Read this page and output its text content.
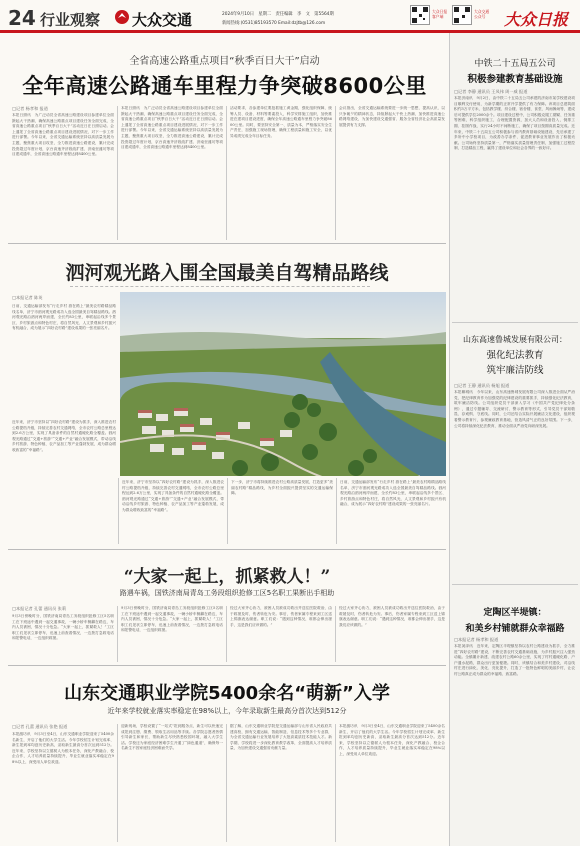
24 行业观察 大众交通	2024年9月10日　星期二　责任编辑　李　文　第5564期
新闻热线:(0531)85193570 Email:dzjtb@126.com
大众日报
客户端
大众交通
公众号 大众日报
中铁二十五局五公司
积极参建教育基础设施
□记者 李静 通讯员 王凤伟 周一威 报道
本报济南讯　9月2日，由中铁二十五局五公司承建的济南市某学校建设项目顺利交付使用，为新学期的正常开学提供了有力保障。该项目总建筑面积约3万平方米，包括教学楼、综合楼、宿舍楼、食堂、风雨操场等，建成后可提供学位2000余个。项目建设过程中，公司积极克服工期紧、任务重等困难，科学组织施工，合理配置资源，加大人员和设备投入，倒排工期、挂图作战，实行24小时不间断施工，确保了项目按期高质量完成。近年来，中铁二十五局五公司积极参与省内教育基础设施建设，先后承建了多所中小学校项目，为改善办学条件、促进教育事业发展作出了积极贡献。公司始终坚持质量第一，严格落实质量管理责任制，加强施工过程控制，打造精品工程，赢得了建设单位和社会各界的一致好评。
山东高速鲁城发展有限公司：
强化纪法教育
筑牢廉洁防线
□记者 王静 通讯员 杨旭 报道
本报聊城讯　今年以来，山东高速鲁城发展有限公司深入推进全面从严治党，把纪律教育作为加强党的纪律建设的重要抓手，持续强化纪法教育，筑牢廉洁防线。公司组织党员干部深入学习《中国共产党纪律处分条例》，通过专题辅导、交流研讨、警示教育等形式，引导党员干部知敬畏、存戒惧、守底线。同时，公司还结合实际开展廉洁文化建设，组织观看警示教育片，参观廉政教育基地，营造风清气正的良好氛围。下一步，公司将持续深化纪法教育，推动全面从严治党向纵深发展。
定陶区半堤镇：
和美乡村铺就群众幸福路
□本报记者 杨孝和 报道
本报菏泽讯　近年来，定陶区半堤镇坚持以农村公路建设为抓手，全力推进“四好农村路”建设，不断完善农村交通基础设施，为乡村振兴注入强劲动能。全镇累计新建、改建农村公路60余公里，实现了村村通硬化路、户户通水泥路，群众出行更加便捷。同时，该镇结合和美乡村建设，对沿线村庄进行绿化、美化、亮化提升，打造了一批特色鲜明的美丽乡村，让农村公路真正成为群众的幸福路、致富路。
全省高速公路重点项目“秋季百日大干”启动
全年高速公路通车里程力争突破8600公里
□记者 杨孝和 报道
本报日照讯　为广泛动员全省高速公路建设项目参建单位全面掀起大干热潮，确保高速公路重点项目建设任务全面完成，全省高速公路重点项目“秋季百日大干”活动近日在日照启动。会上通报了全省高速公路重点项目建设进展情况，对下一步工作进行部署。今年以来，全省交通运输系统坚持以高质量发展为主题，聚焦重大项目攻坚，全力推进高速公路建设，累计完成投资超过年度计划，京台高速齐济段改扩建、济南至潍坊等项目建成通车，全省高速公路通车里程达到8400公里。
本报日照讯　为广泛动员全省高速公路建设项目参建单位全面掀起大干热潮，确保高速公路重点项目建设任务全面完成，全省高速公路重点项目“秋季百日大干”活动近日在日照启动。会上通报了全省高速公路重点项目建设进展情况，对下一步工作进行部署。今年以来，全省交通运输系统坚持以高质量发展为主题，聚焦重大项目攻坚，全力推进高速公路建设，累计完成投资超过年度计划，京台高速齐济段改扩建、济南至潍坊等项目建成通车，全省高速公路通车里程达到8400公里。
活动要求，各参建单位要抢抓施工黄金期，强化组织保障，统筹人员、设备、材料等要素投入，科学安排施工组织，加快推进在建项目建设进度，确保全年高速公路通车里程力争突破8600公里。同时，要坚持安全第一、质量为本，严格落实安全生产责任，加强施工现场管理，确保工程质量和施工安全，以优异成绩完成全年目标任务。
会议指出，全省交通运输系统要进一步统一思想、提高认识，以只争朝夕的精神状态，持续掀起大干快上热潮，加快推进高速公路网络建设，为加快建设交通强省、服务全省经济社会高质量发展提供有力支撑。
泗河观光路入围全国最美自驾精品路线
□本报记者 陈英
日前，交通运输部发布“行走乡村 游在路上”最美农村路精品路线名单，济宁市泗河观光路成功入选全国最美自驾精品路线。泗河观光路沿泗河两岸而建，全长约83公里，串联起沿线多个景区、乡村旅游点和特色村庄，将自然风光、人文景观和乡村振兴有机融合，成为展示“四好农村路”建设成果的一张亮丽名片。
近年来，济宁市坚持以“四好农村路”建设为抓手，深入推进农村公路提档升级，持续完善农村交通网络，全市农村公路总里程达到2.6万公里，实现了具备条件的自然村通硬化路全覆盖。泗河观光路通过“交通+旅游”“交通+产业”融合发展模式，带动沿线乡村旅游、特色种植、农产品加工等产业蓬勃发展，成为群众增收致富的“幸福路”。
近年来，济宁市坚持以“四好农村路”建设为抓手，深入推进农村公路提档升级，持续完善农村交通网络，全市农村公路总里程达到2.6万公里，实现了具备条件的自然村通硬化路全覆盖。泗河观光路通过“交通+旅游”“交通+产业”融合发展模式，带动沿线乡村旅游、特色种植、农产品加工等产业蓬勃发展，成为群众增收致富的“幸福路”。
下一步，济宁市将持续推进农村公路高质量发展，打造更多“美丽农村路”精品路线，为乡村全面振兴提供坚实的交通运输保障。
日前，交通运输部发布“行走乡村 游在路上”最美农村路精品路线名单，济宁市泗河观光路成功入选全国最美自驾精品路线。泗河观光路沿泗河两岸而建，全长约83公里，串联起沿线多个景区、乡村旅游点和特色村庄，将自然风光、人文景观和乡村振兴有机融合，成为展示“四好农村路”建设成果的一张亮丽名片。
“大家一起上，抓紧救人！”
路遇车祸，国铁济南局青岛工务段组织抢修工区5名职工果断出手相助
□本报记者 孔蕾 通讯员 张莉
9月3日傍晚时分，国铁济南局青岛工务段组织抢修工区5名职工在下班途中遇到一起交通事故，一辆小轿车侧翻在路边，车内人员被困，情况十分危急。“大家一起上，抓紧救人！”工区职工们见状立即停车，迅速上前查看情况，一边拨打急救电话和报警电话，一边组织救援。
9月3日傍晚时分，国铁济南局青岛工务段组织抢修工区5名职工在下班途中遇到一起交通事故，一辆小轿车侧翻在路边，车内人员被困，情况十分危急。“大家一起上，抓紧救人！”工区职工们见状立即停车，迅速上前查看情况，一边拨打急救电话和报警电话，一边组织救援。
经过大家齐心协力，被困人员被成功救出并送往医院救治，由于救援及时，伤者转危为安。事后，伤者家属专程来到工区送上锦旗表达谢意。职工们说：“遇到这种情况，谁都会伸出援手，这是我们应该做的。”
经过大家齐心协力，被困人员被成功救出并送往医院救治，由于救援及时，伤者转危为安。事后，伤者家属专程来到工区送上锦旗表达谢意。职工们说：“遇到这种情况，谁都会伸出援手，这是我们应该做的。”
山东交通职业学院5400余名“萌新”入学
近年来学校就业落实率稳定在98%以上，今年录取新生最高分首次达到512分
□记者 孔蕾 通讯员 张艳 报道
本报潍坊讯　9月3日至4日，山东交通职业学院迎来了5400余名新生，开启了他们的大学生活。今年学校招生计划完成率、新生报到率均创历史新高，录取新生最高分首次达到512分。近年来，学校坚持以立德树人为根本任务，深化产教融合、校企合作，人才培养质量持续提升，毕业生就业落实率稳定在98%以上，深受用人单位欢迎。
迎新现场，学校设置了“一站式”报到服务点，新生可以快速完成报到注册、缴费、领取生活用品等手续。各学院志愿者热情引导新生和家长，帮助新生尽快熟悉校园环境，融入大学生活。学校还为家庭经济困难学生开通了“绿色通道”，确保每一名新生不因家庭经济困难而失学。
据了解，山东交通职业学院是交通运输部与山东省人民政府共建高校，拥有交通运输、智能制造、信息技术等多个专业群，为全省交通运输行业发展培养了大批高素质技术技能人才。新学期，学校将进一步深化教育教学改革，全面提高人才培养质量，为加快建设交通强省贡献力量。
本报潍坊讯　9月3日至4日，山东交通职业学院迎来了5400余名新生，开启了他们的大学生活。今年学校招生计划完成率、新生报到率均创历史新高，录取新生最高分首次达到512分。近年来，学校坚持以立德树人为根本任务，深化产教融合、校企合作，人才培养质量持续提升，毕业生就业落实率稳定在98%以上，深受用人单位欢迎。
